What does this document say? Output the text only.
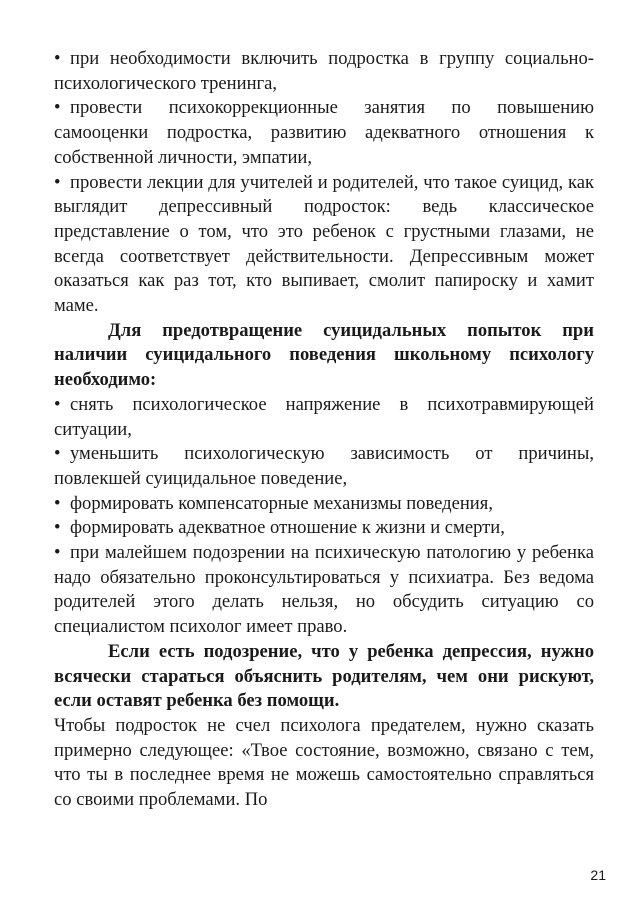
• при необходимости включить подростка в группу социально- психологического тренинга,

• провести психокоррекционные занятия по повышению самооценки подростка, развитию адекватного отношения к собственной личности, эмпатии,

• провести лекции для учителей и родителей, что такое суицид, как выглядит депрессивный подросток: ведь классическое представление о том, что это ребенок с грустными глазами, не всегда соответствует действительности. Депрессивным может оказаться как раз тот, кто выпивает, смолит папироску и хамит маме.

Для предотвращение суицидальных попыток при наличии суицидального поведения школьному психологу необходимо:

• снять психологическое напряжение в психотравмирующей ситуации,

• уменьшить психологическую зависимость от причины, повлекшей суицидальное поведение,

• формировать компенсаторные механизмы поведения,

• формировать адекватное отношение к жизни и смерти,

• при малейшем подозрении на психическую патологию у ребенка надо обязательно проконсультироваться у психиатра. Без ведома родителей этого делать нельзя, но обсудить ситуацию со специалистом психолог имеет право.

Если есть подозрение, что у ребенка депрессия, нужно всячески стараться объяснить родителям, чем они рискуют, если оставят ребенка без помощи.

Чтобы подросток не счел психолога предателем, нужно сказать примерно следующее: «Твое состояние, возможно, связано с тем, что ты в последнее время не можешь самостоятельно справляться со своими проблемами. По

21
